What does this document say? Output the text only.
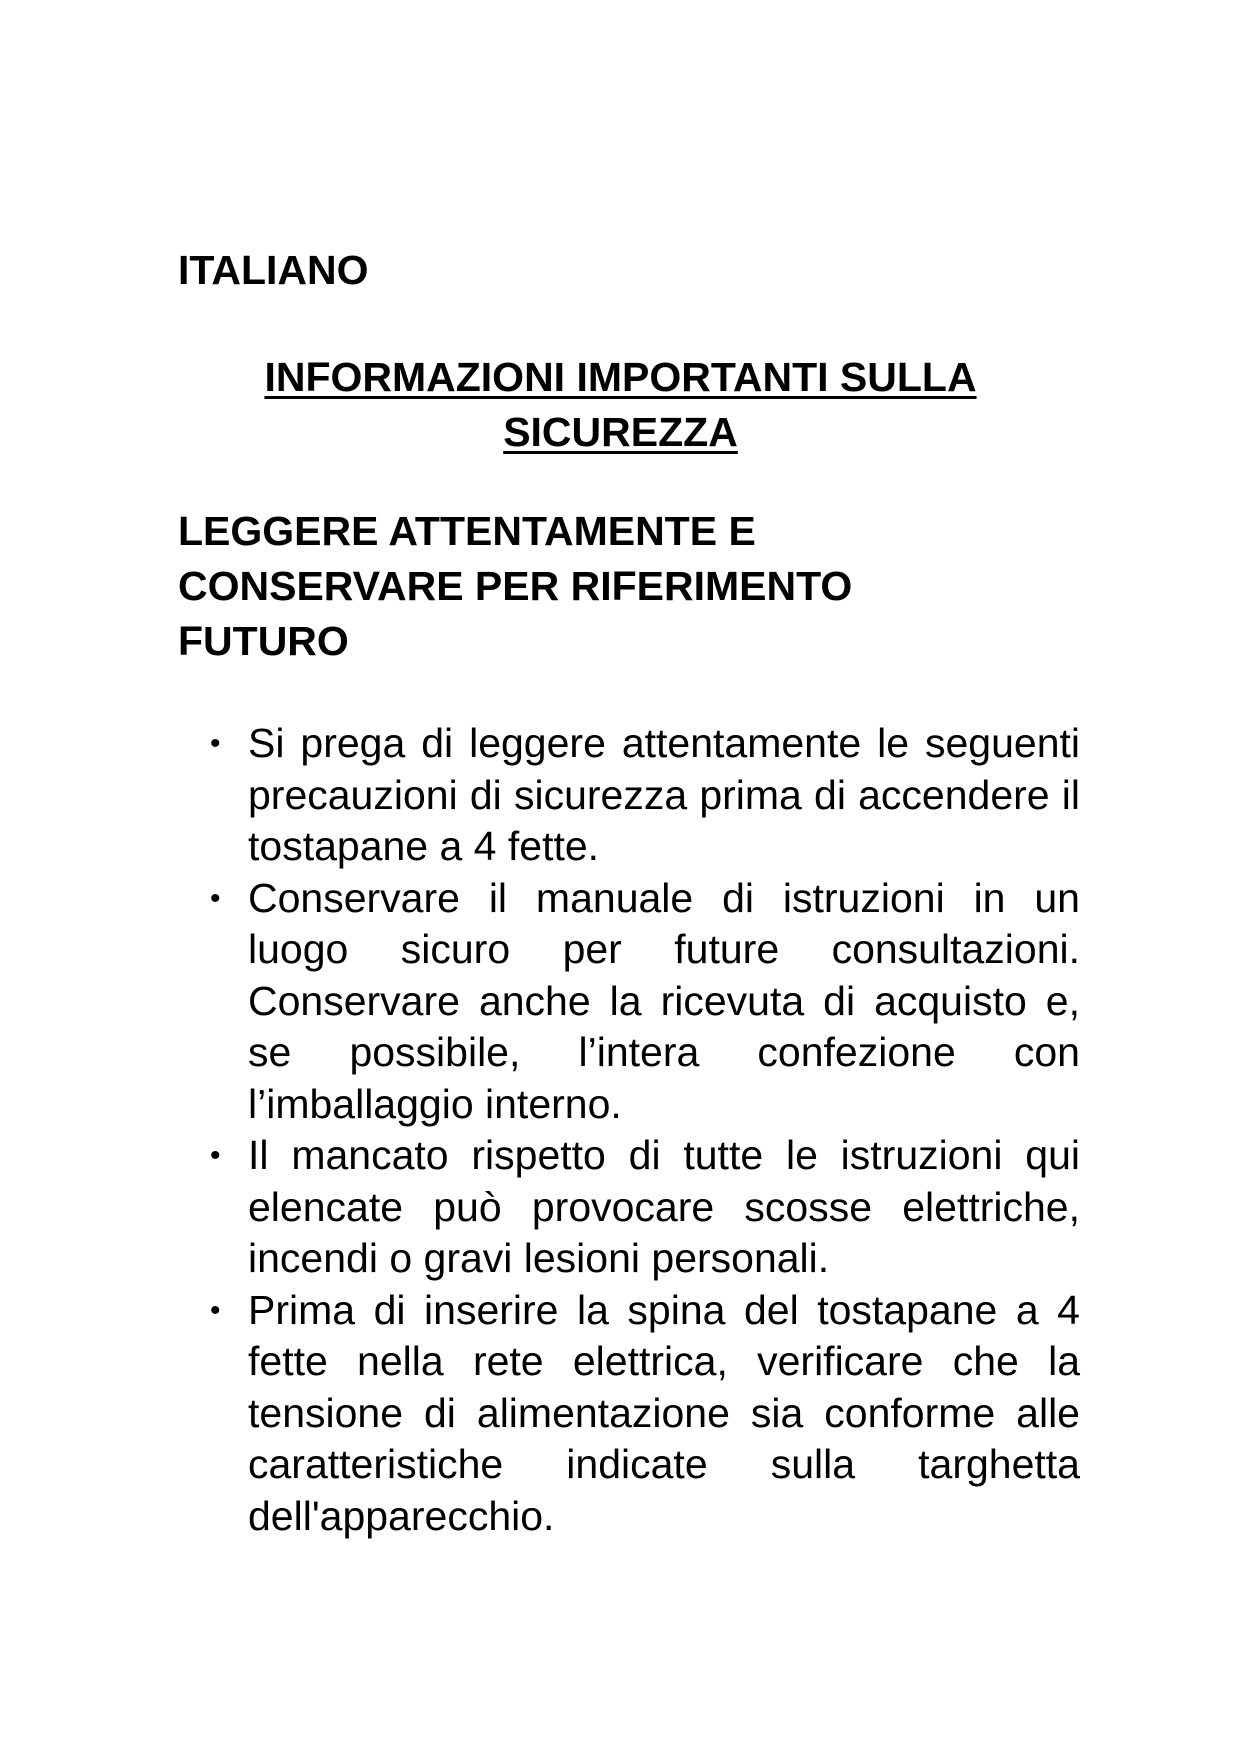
ITALIANO
INFORMAZIONI IMPORTANTI SULLA
SICUREZZA
LEGGERE ATTENTAMENTE E
CONSERVARE PER RIFERIMENTO
FUTURO
• Si prega di leggere attentamente le seguenti precauzioni di sicurezza prima di accendere il tostapane a 4 fette.
• Conservare il manuale di istruzioni in un luogo sicuro per future consultazioni. Conservare anche la ricevuta di acquisto e, se possibile, l’intera confezione con l’imballaggio interno.
• Il mancato rispetto di tutte le istruzioni qui elencate può provocare scosse elettriche, incendi o gravi lesioni personali.
• Prima di inserire la spina del tostapane a 4 fette nella rete elettrica, verificare che la tensione di alimentazione sia conforme alle caratteristiche indicate sulla targhetta dell'apparecchio.
